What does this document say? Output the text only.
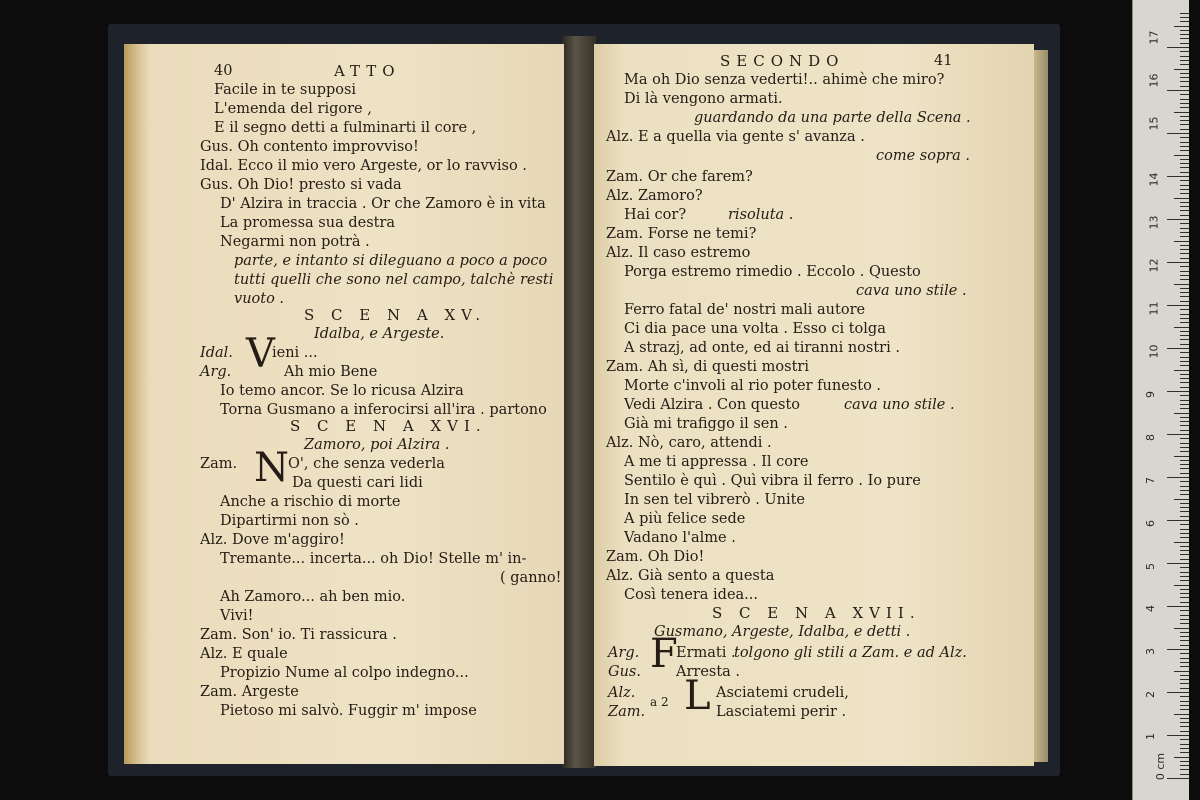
40	ATTO
Facile in te supposi
L'emenda del rigore ,
E il segno detti a fulminarti il core ,
Gus. Oh contento improvviso!
Idal. Ecco il mio vero Argeste, or lo ravviso .
Gus. Oh Dio! presto si vada
D' Alzira in traccia . Or che Zamoro è in vita
La promessa sua destra
Negarmi non potrà .
parte, e intanto si dileguano a poco a poco
tutti quelli che sono nel campo, talchè resti
vuoto .
S C E N A XV.
Idalba, e Argeste.
Idal. V
ieni ...
Arg.	Ah mio Bene
Io temo ancor. Se lo ricusa Alzira
Torna Gusmano a inferocirsi all'ira . partono
S C E N A XVI.
Zamoro, poi Alzira .
Zam. N O', che senza vederla
Da questi cari lidi
Anche a rischio di morte
Dipartirmi non sò .
Alz. Dove m'aggiro!
Tremante... incerta... oh Dio! Stelle m' in-
( ganno!
Ah Zamoro... ah ben mio.
Vivi!
Zam. Son' io. Ti rassicura .
Alz. E quale
Propizio Nume al colpo indegno...
Zam. Argeste
Pietoso mi salvò. Fuggir m' impose
SECONDO	41
Ma oh Dio senza vederti!.. ahimè che miro?
Di là vengono armati.
guardando da una parte della Scena .
Alz. E a quella via gente s' avanza .
come sopra .
Zam. Or che farem?
Alz. Zamoro?
Hai cor?	risoluta .
Zam. Forse ne temi?
Alz. Il caso estremo
Porga estremo rimedio . Eccolo . Questo
cava uno stile .
Ferro fatal de' nostri mali autore
Ci dia pace una volta . Esso ci tolga
A strazj, ad onte, ed ai tiranni nostri .
Zam. Ah sì, di questi mostri
Morte c'involi al rio poter funesto .
Vedi Alzira . Con questo	cava uno stile .
Già mi trafiggo il sen .
Alz. Nò, caro, attendi .
A me ti appressa . Il core
Sentilo è quì . Quì vibra il ferro . Io pure
In sen tel vibrerò . Unite
A più felice sede
Vadano l'alme .
Zam. Oh Dio!
Alz. Già sento a questa
Così tenera idea...
S C E N A XVII.
Gusmano, Argeste, Idalba, e detti .
Arg. F
Ermati .
tolgono gli stili a Zam. e ad Alz.
Gus. Arresta .
Alz.
Zam.
a 2 L Asciatemi crudeli,
Lasciatemi perir .
0 cm
1
2
3
4
5
6
7
8
9
10
11
12
13
14
15
16
17
